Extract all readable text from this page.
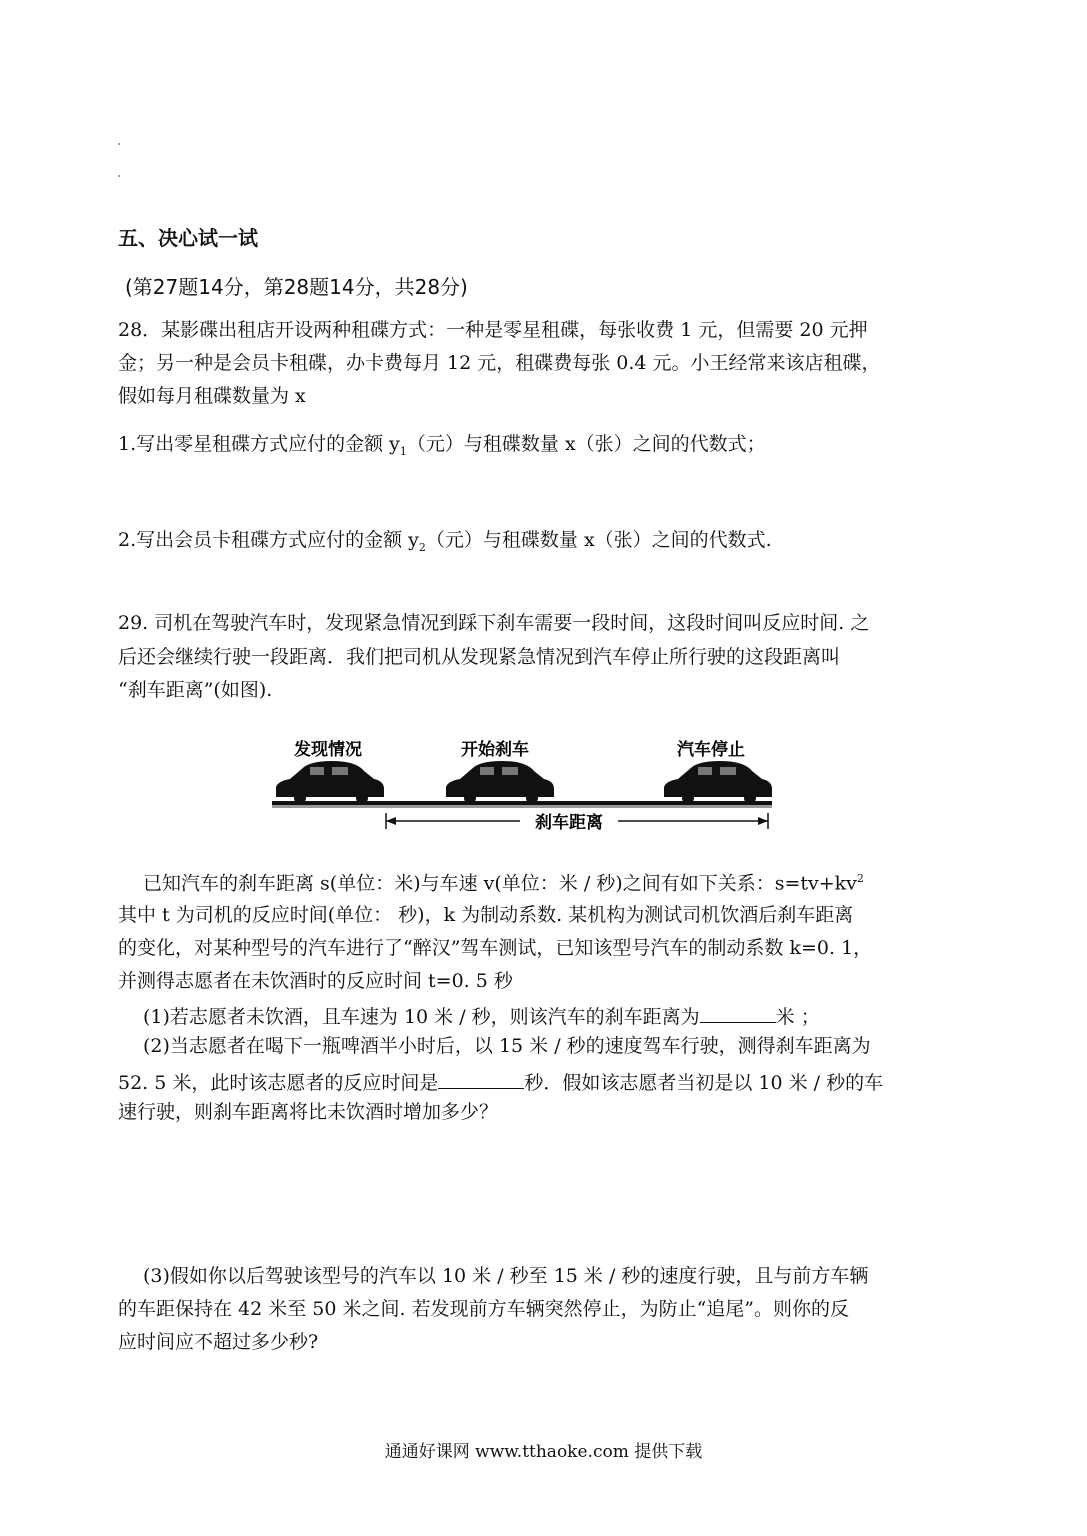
五、决心试一试
(第27题14分，第28题14分，共28分)
28．某影碟出租店开设两种租碟方式：一种是零星租碟，每张收费 1 元，但需要 20 元押
金；另一种是会员卡租碟，办卡费每月 12 元，租碟费每张 0.4 元。小王经常来该店租碟，
假如每月租碟数量为 x
1.写出零星租碟方式应付的金额 $y_1$（元）与租碟数量 x（张）之间的代数式；
2.写出会员卡租碟方式应付的金额 $y_2$（元）与租碟数量 x（张）之间的代数式.
29. 司机在驾驶汽车时，发现紧急情况到踩下刹车需要一段时间，这段时间叫反应时间. 之
后还会继续行驶一段距离．我们把司机从发现紧急情况到汽车停止所行驶的这段距离叫
“刹车距离”(如图).
发现情况	开始刹车	汽车停止
刹车距离
已知汽车的刹车距离 s(单位：米)与车速 v(单位：米 / 秒)之间有如下关系：$s=tv+kv^2$
其中 t 为司机的反应时间(单位： 秒)，k 为制动系数. 某机构为测试司机饮酒后刹车距离
的变化，对某种型号的汽车进行了“醉汉”驾车测试，已知该型号汽车的制动系数 k=0. 1，
并测得志愿者在未饮酒时的反应时间 t=0. 5 秒
(1)若志愿者未饮酒，且车速为 10 米 / 秒，则该汽车的刹车距离为	米 ；
(2)当志愿者在喝下一瓶啤酒半小时后，以 15 米 / 秒的速度驾车行驶，测得刹车距离为
52. 5 米，此时该志愿者的反应时间是	秒．假如该志愿者当初是以 10 米 / 秒的车
速行驶，则刹车距离将比未饮酒时增加多少？
(3)假如你以后驾驶该型号的汽车以 10 米 / 秒至 15 米 / 秒的速度行驶，且与前方车辆
的车距保持在 42 米至 50 米之间. 若发现前方车辆突然停止，为防止“追尾”。则你的反
应时间应不超过多少秒?
通通好课网 www.tthaoke.com 提供下载
